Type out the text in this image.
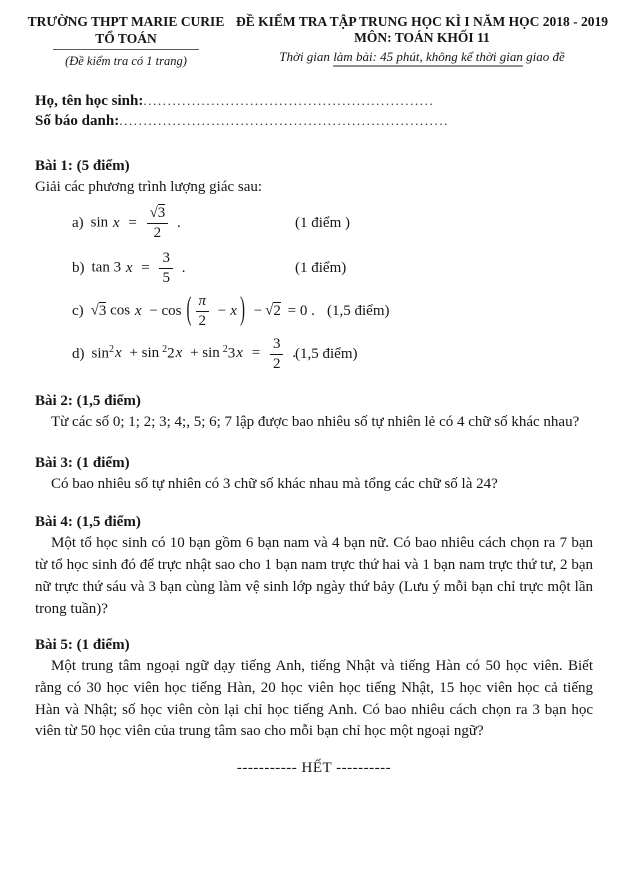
TRƯỜNG THPT MARIE CURIE
TỔ TOÁN
(Đề kiểm tra có 1 trang)
ĐỀ KIỂM TRA TẬP TRUNG HỌC KÌ I NĂM HỌC 2018 - 2019
MÔN: TOÁN KHỐI 11
Thời gian làm bài: 45 phút, không kể thời gian giao đề
Họ, tên học sinh:............................................................
Số báo danh:....................................................................
Bài 1: (5 điểm)
Giải các phương trình lượng giác sau:
a) $\sin x = \frac{√3}{2}$ .	(1 điểm )
b) tan 3 $x = \frac{3}{5}$ .	(1 điểm)
c) √3 cos x − cos ( $\frac{\pi}{2} - x$ ) − √2 = 0 . (1,5 điểm)
d) $\sin^2x + \sin ^22x + \sin ^23x = \frac{3}{2}$ . (1,5 điểm)
Bài 2: (1,5 điểm)

Từ các số 0; 1; 2; 3; 4;, 5; 6; 7 lập được bao nhiêu số tự nhiên lẻ có 4 chữ số khác nhau?

Bài 3: (1 điểm)

Có bao nhiêu số tự nhiên có 3 chữ số khác nhau mà tổng các chữ số là 24?

Bài 4: (1,5 điểm)

Một tổ học sinh có 10 bạn gồm 6 bạn nam và 4 bạn nữ. Có bao nhiêu cách chọn ra 7 bạn từ tổ học sinh đó để trực nhật sao cho 1 bạn nam trực thứ hai và 1 bạn nam trực thứ tư, 2 bạn nữ trực thứ sáu và 3 bạn cùng làm vệ sinh lớp ngày thứ bảy (Lưu ý mỗi bạn chỉ trực một lần trong tuần)?

Bài 5: (1 điểm)

Một trung tâm ngoại ngữ dạy tiếng Anh, tiếng Nhật và tiếng Hàn có 50 học viên. Biết rằng có 30 học viên học tiếng Hàn, 20 học viên học tiếng Nhật, 15 học viên học cả tiếng Hàn và Nhật; số học viên còn lại chỉ học tiếng Anh. Có bao nhiêu cách chọn ra 3 bạn học viên từ 50 học viên của trung tâm sao cho mỗi bạn chỉ học một ngoại ngữ?

----------- HẾT ----------
